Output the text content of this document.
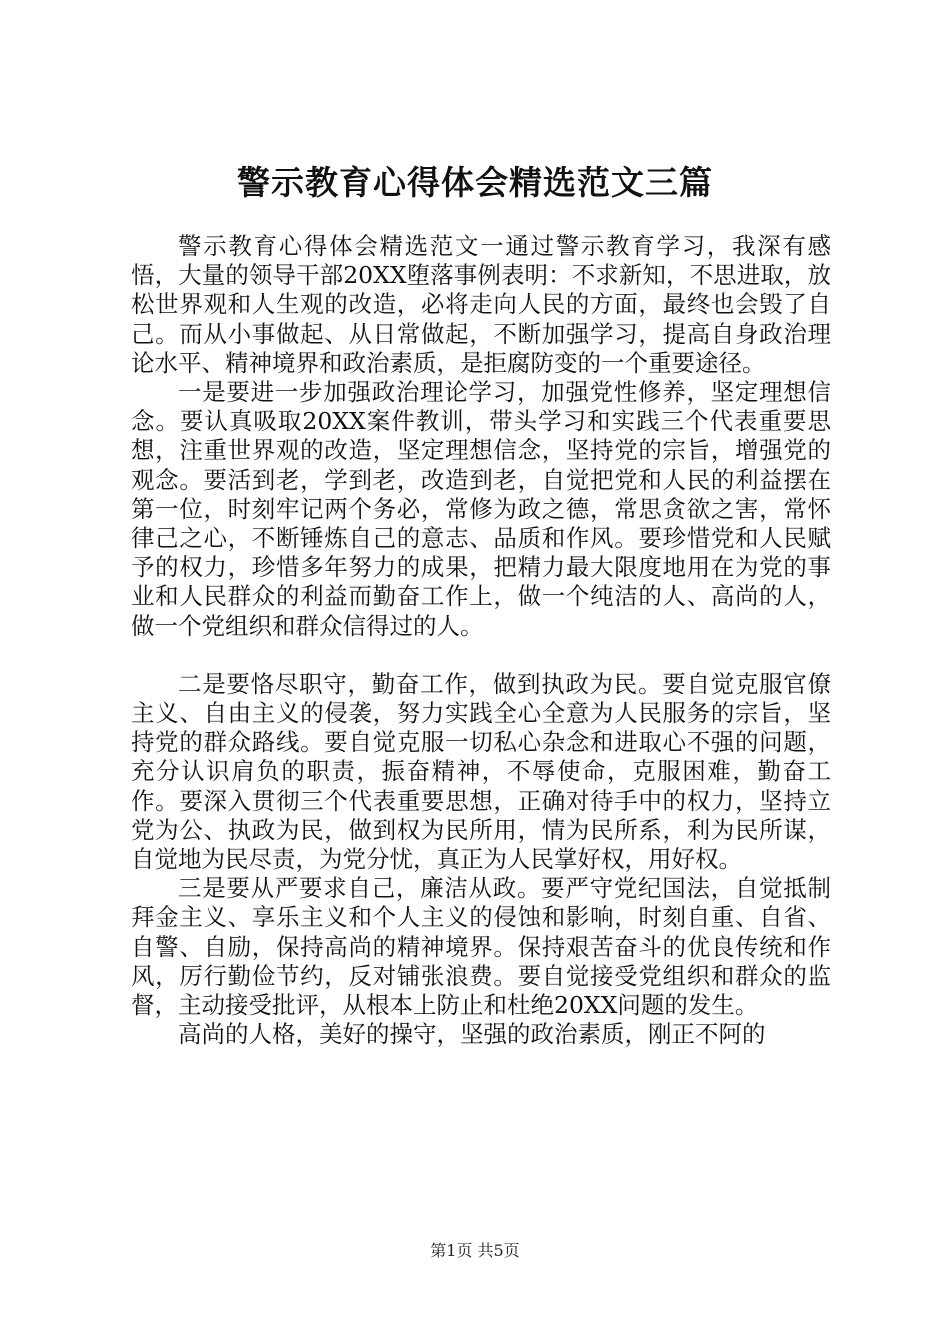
警示教育心得体会精选范文三篇

警示教育心得体会精选范文一通过警示教育学习，我深有感悟，大量的领导干部20XX堕落事例表明：不求新知，不思进取，放松世界观和人生观的改造，必将走向人民的方面，最终也会毁了自己。而从小事做起、从日常做起，不断加强学习，提高自身政治理论水平、精神境界和政治素质，是拒腐防变的一个重要途径。

一是要进一步加强政治理论学习，加强党性修养，坚定理想信念。要认真吸取20XX案件教训，带头学习和实践三个代表重要思想，注重世界观的改造，坚定理想信念，坚持党的宗旨，增强党的观念。要活到老，学到老，改造到老，自觉把党和人民的利益摆在第一位，时刻牢记两个务必，常修为政之德，常思贪欲之害，常怀律己之心，不断锤炼自己的意志、品质和作风。要珍惜党和人民赋予的权力，珍惜多年努力的成果，把精力最大限度地用在为党的事业和人民群众的利益而勤奋工作上，做一个纯洁的人、高尚的人，做一个党组织和群众信得过的人。

二是要恪尽职守，勤奋工作，做到执政为民。要自觉克服官僚主义、自由主义的侵袭，努力实践全心全意为人民服务的宗旨，坚持党的群众路线。要自觉克服一切私心杂念和进取心不强的问题，充分认识肩负的职责，振奋精神，不辱使命，克服困难，勤奋工作。要深入贯彻三个代表重要思想，正确对待手中的权力，坚持立党为公、执政为民，做到权为民所用，情为民所系，利为民所谋，自觉地为民尽责，为党分忧，真正为人民掌好权，用好权。

三是要从严要求自己，廉洁从政。要严守党纪国法，自觉抵制拜金主义、享乐主义和个人主义的侵蚀和影响，时刻自重、自省、自警、自励，保持高尚的精神境界。保持艰苦奋斗的优良传统和作风，厉行勤俭节约，反对铺张浪费。要自觉接受党组织和群众的监督，主动接受批评，从根本上防止和杜绝20XX问题的发生。

高尚的人格，美好的操守，坚强的政治素质，刚正不阿的

第1页 共5页
